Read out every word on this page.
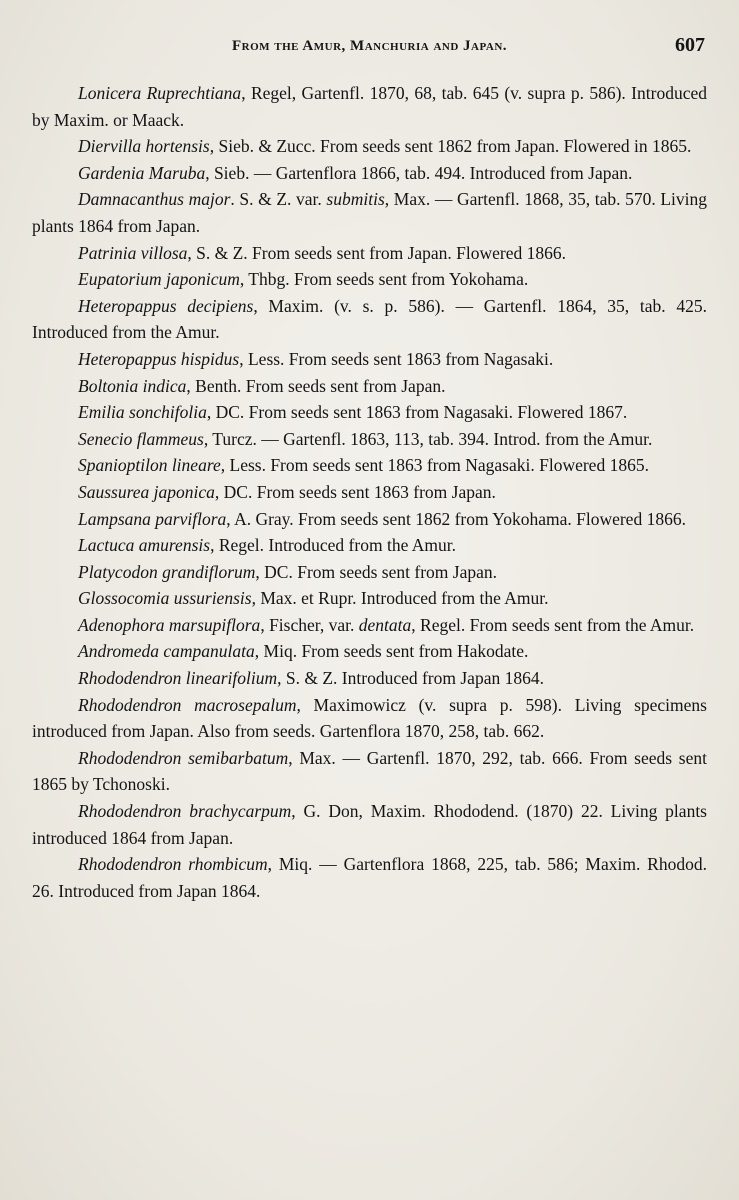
From the Amur, Manchuria and Japan.	607

Lonicera Ruprechtiana, Regel, Gartenfl. 1870, 68, tab. 645 (v. supra p. 586). Introduced by Maxim. or Maack.

Diervilla hortensis, Sieb. & Zucc. From seeds sent 1862 from Japan. Flowered in 1865.

Gardenia Maruba, Sieb. — Gartenflora 1866, tab. 494. Introduced from Japan.

Damnacanthus major. S. & Z. var. submitis, Max. — Gartenfl. 1868, 35, tab. 570. Living plants 1864 from Japan.

Patrinia villosa, S. & Z. From seeds sent from Japan. Flowered 1866.

Eupatorium japonicum, Thbg. From seeds sent from Yokohama.

Heteropappus decipiens, Maxim. (v. s. p. 586). — Gartenfl. 1864, 35, tab. 425. Introduced from the Amur.

Heteropappus hispidus, Less. From seeds sent 1863 from Nagasaki.

Boltonia indica, Benth. From seeds sent from Japan.

Emilia sonchifolia, DC. From seeds sent 1863 from Nagasaki. Flowered 1867.

Senecio flammeus, Turcz. — Gartenfl. 1863, 113, tab. 394. Introd. from the Amur.

Spanioptilon lineare, Less. From seeds sent 1863 from Nagasaki. Flowered 1865.

Saussurea japonica, DC. From seeds sent 1863 from Japan.

Lampsana parviflora, A. Gray. From seeds sent 1862 from Yokohama. Flowered 1866.

Lactuca amurensis, Regel. Introduced from the Amur.

Platycodon grandiflorum, DC. From seeds sent from Japan.

Glossocomia ussuriensis, Max. et Rupr. Introduced from the Amur.

Adenophora marsupiflora, Fischer, var. dentata, Regel. From seeds sent from the Amur.

Andromeda campanulata, Miq. From seeds sent from Hakodate.

Rhododendron linearifolium, S. & Z. Introduced from Japan 1864.

Rhododendron macrosepalum, Maximowicz (v. supra p. 598). Living specimens introduced from Japan. Also from seeds. Gartenflora 1870, 258, tab. 662.

Rhododendron semibarbatum, Max. — Gartenfl. 1870, 292, tab. 666. From seeds sent 1865 by Tchonoski.

Rhododendron brachycarpum, G. Don, Maxim. Rhododend. (1870) 22. Living plants introduced 1864 from Japan.

Rhododendron rhombicum, Miq. — Gartenflora 1868, 225, tab. 586; Maxim. Rhodod. 26. Introduced from Japan 1864.
